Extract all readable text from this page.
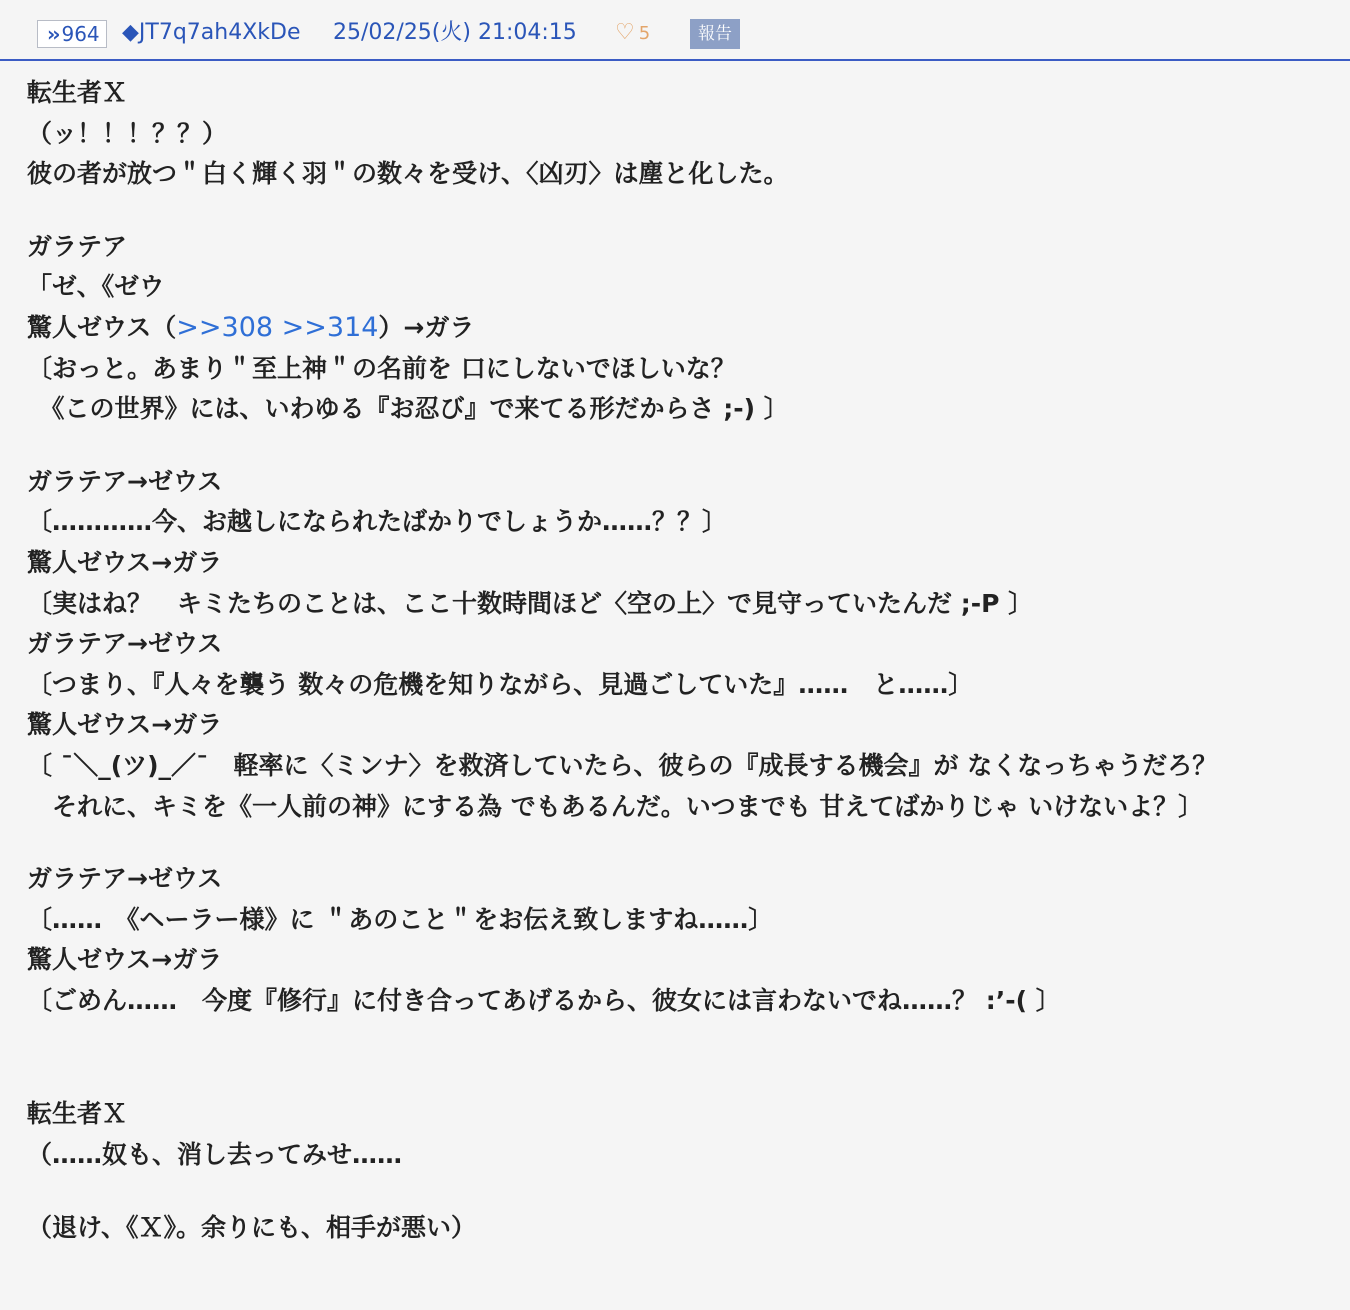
›› 964	◆JT7q7ah4XkDe 25/02/25(火) 21:04:15 ♡ 5	報告
転生者Ｘ
（ッ！！！？？）
彼の者が放つ＂白く輝く羽＂の数々を受け、〈凶刃〉は塵と化した。
ガラテア
「ゼ、《ゼウ
驚人ゼウス（>>308 >>314）→ガラ
〔おっと。あまり＂至上神＂の名前を 口にしないでほしいな？
　《この世界》には、いわゆる『お忍び』で来てる形だからさ ;-) 〕
ガラテア→ゼウス
〔…………今、お越しになられたばかりでしょうか……？？〕
驚人ゼウス→ガラ
〔実はね？　キミたちのことは、ここ十数時間ほど〈空の上〉で見守っていたんだ ;-P 〕
ガラテア→ゼウス
〔つまり、『人々を襲う 数々の危機を知りながら、見過ごしていた』……　と……〕
驚人ゼウス→ガラ
〔 ¯＼_(ツ)_／¯　軽率に〈ミンナ〉を救済していたら、彼らの『成長する機会』が なくなっちゃうだろ？
　それに、キミを《一人前の神》にする為 でもあるんだ。いつまでも 甘えてばかりじゃ いけないよ？〕
ガラテア→ゼウス
〔……　《ヘーラー様》に ＂あのこと＂をお伝え致しますね……〕
驚人ゼウス→ガラ
〔ごめん……　今度『修行』に付き合ってあげるから、彼女には言わないでね……？ :’-( 〕
転生者Ｘ
（……奴も、消し去ってみせ……
（退け、《Ｘ》。余りにも、相手が悪い）
